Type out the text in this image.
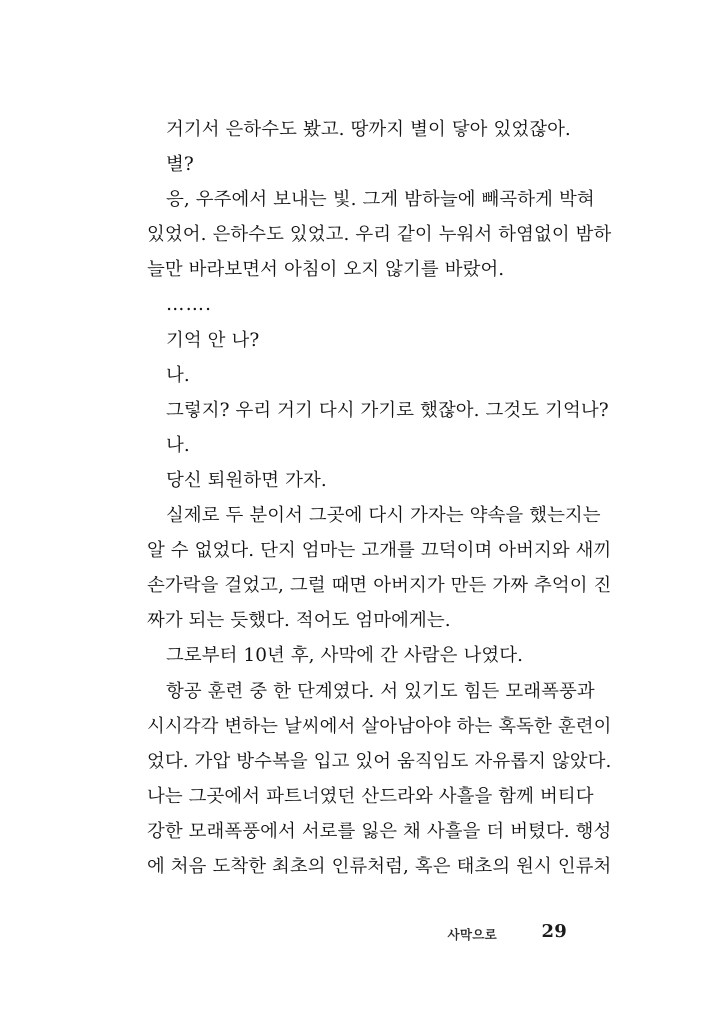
거기서 은하수도 봤고. 땅까지 별이 닿아 있었잖아.
별?
응, 우주에서 보내는 빛. 그게 밤하늘에 빼곡하게 박혀
있었어. 은하수도 있었고. 우리 같이 누워서 하염없이 밤하
늘만 바라보면서 아침이 오지 않기를 바랐어.
…….
기억 안 나?
나.
그렇지? 우리 거기 다시 가기로 했잖아. 그것도 기억나?
나.
당신 퇴원하면 가자.
실제로 두 분이서 그곳에 다시 가자는 약속을 했는지는
알 수 없었다. 단지 엄마는 고개를 끄덕이며 아버지와 새끼
손가락을 걸었고, 그럴 때면 아버지가 만든 가짜 추억이 진
짜가 되는 듯했다. 적어도 엄마에게는.
그로부터 10년 후, 사막에 간 사람은 나였다.
항공 훈련 중 한 단계였다. 서 있기도 힘든 모래폭풍과
시시각각 변하는 날씨에서 살아남아야 하는 혹독한 훈련이
었다. 가압 방수복을 입고 있어 움직임도 자유롭지 않았다.
나는 그곳에서 파트너였던 산드라와 사흘을 함께 버티다
강한 모래폭풍에서 서로를 잃은 채 사흘을 더 버텼다. 행성
에 처음 도착한 최초의 인류처럼, 혹은 태초의 원시 인류처
사막으로 29
